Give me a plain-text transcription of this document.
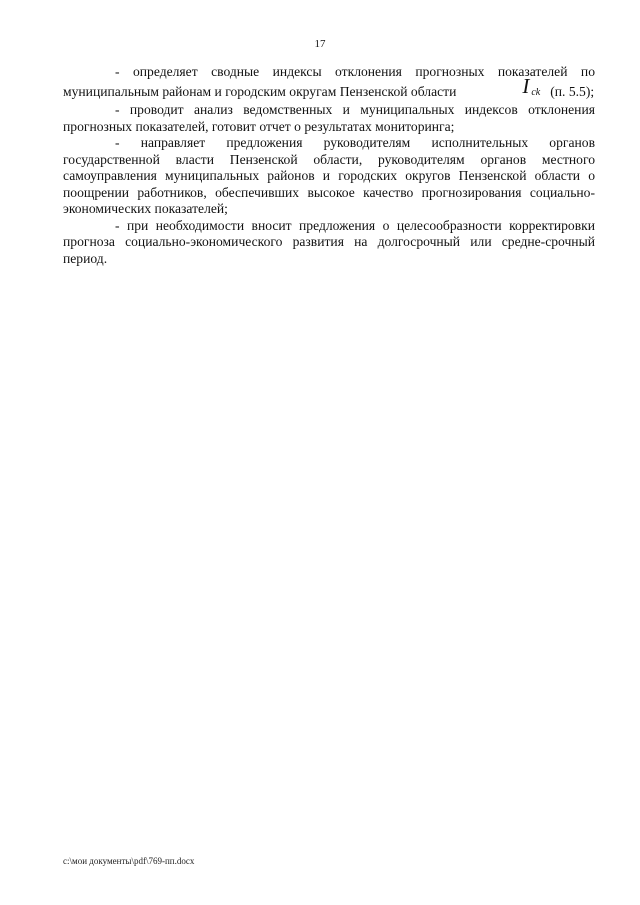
17

- определяет сводные индексы отклонения прогнозных показателей по муниципальным районам и городским округам Пензенской области	I ck (п. 5.5);

- проводит анализ ведомственных и муниципальных индексов отклонения прогнозных показателей, готовит отчет о результатах мониторинга;

- направляет предложения руководителям исполнительных органов государственной власти Пензенской области, руководителям органов местного самоуправления муниципальных районов и городских округов Пензенской области о поощрении работников, обеспечивших высокое качество прогнозирования социально-экономических показателей;

- при необходимости вносит предложения о целесообразности корректировки прогноза социально-экономического развития на долгосрочный или средне-срочный период.

c:\мои документы\pdf\769-пп.docx
